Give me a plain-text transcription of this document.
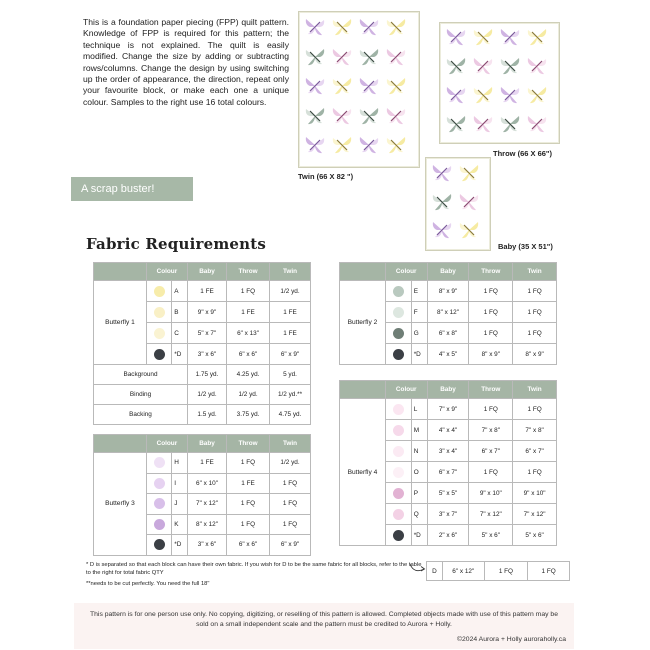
This is a foundation paper piecing (FPP) quilt pattern. Knowledge of FPP is required for this pattern; the technique is not explained. The quilt is easily modified. Change the size by adding or subtracting rows/columns. Change the design by using switching up the order of appearance, the direction, repeat only your favourite block, or make each one a unique colour. Samples to the right use 16 total colours.

Twin (66 X 82 ")
Throw (66 X 66")
Baby (35 X 51")
A scrap buster!
Fabric Requirements
	Colour		Baby	Throw	Twin
Butterfly 1		A	1 FE	1 FQ	1/2 yd.
		B	9" x 9"	1 FE	1 FE
		C	5" x 7"	6" x 13"	1 FE
		*D	3" x 6"	6" x 6"	6" x 9"
Background			1.75 yd.	4.25 yd.	5 yd.
Binding			1/2 yd.	1/2 yd.	1/2 yd.**
Backing			1.5 yd.	3.75 yd.	4.75 yd.
	Colour		Baby	Throw	Twin
Butterfly 3		H	1 FE	1 FQ	1/2 yd.
		I	6" x 10"	1 FE	1 FQ
		J	7" x 12"	1 FQ	1 FQ
		K	8" x 12"	1 FQ	1 FQ
		*D	3" x 6"	6" x 6"	6" x 9"
	Colour		Baby	Throw	Twin
Butterfly 2		E	8" x 9"	1 FQ	1 FQ
		F	8" x 12"	1 FQ	1 FQ
		G	6" x 8"	1 FQ	1 FQ
		*D	4" x 5"	8" x 9"	8" x 9"
	Colour		Baby	Throw	Twin
Butterfly 4		L	7" x 9"	1 FQ	1 FQ
		M	4" x 4"	7" x 8"	7" x 8"
		N	3" x 4"	6" x 7"	6" x 7"
		O	6" x 7"	1 FQ	1 FQ
		P	5" x 5"	9" x 10"	9" x 10"
		Q	3" x 7"	7" x 12"	7" x 12"
		*D	2" x 6"	5" x 6"	5" x 6"

* D is separated so that each block can have their own fabric. If you wish for D to be the same fabric for all blocks, refer to the table to the right for total fabric QTY

**needs to be cut perfectly. You need the full 18"

D	6" x 12"	1 FQ	1 FQ

This pattern is for one person use only. No copying, digitizing, or reselling of this pattern is allowed. Completed objects made with use of this pattern may be sold on a small independent scale and the pattern must be credited to Aurora + Holly.

©2024 Aurora + Holly auroraholly.ca
